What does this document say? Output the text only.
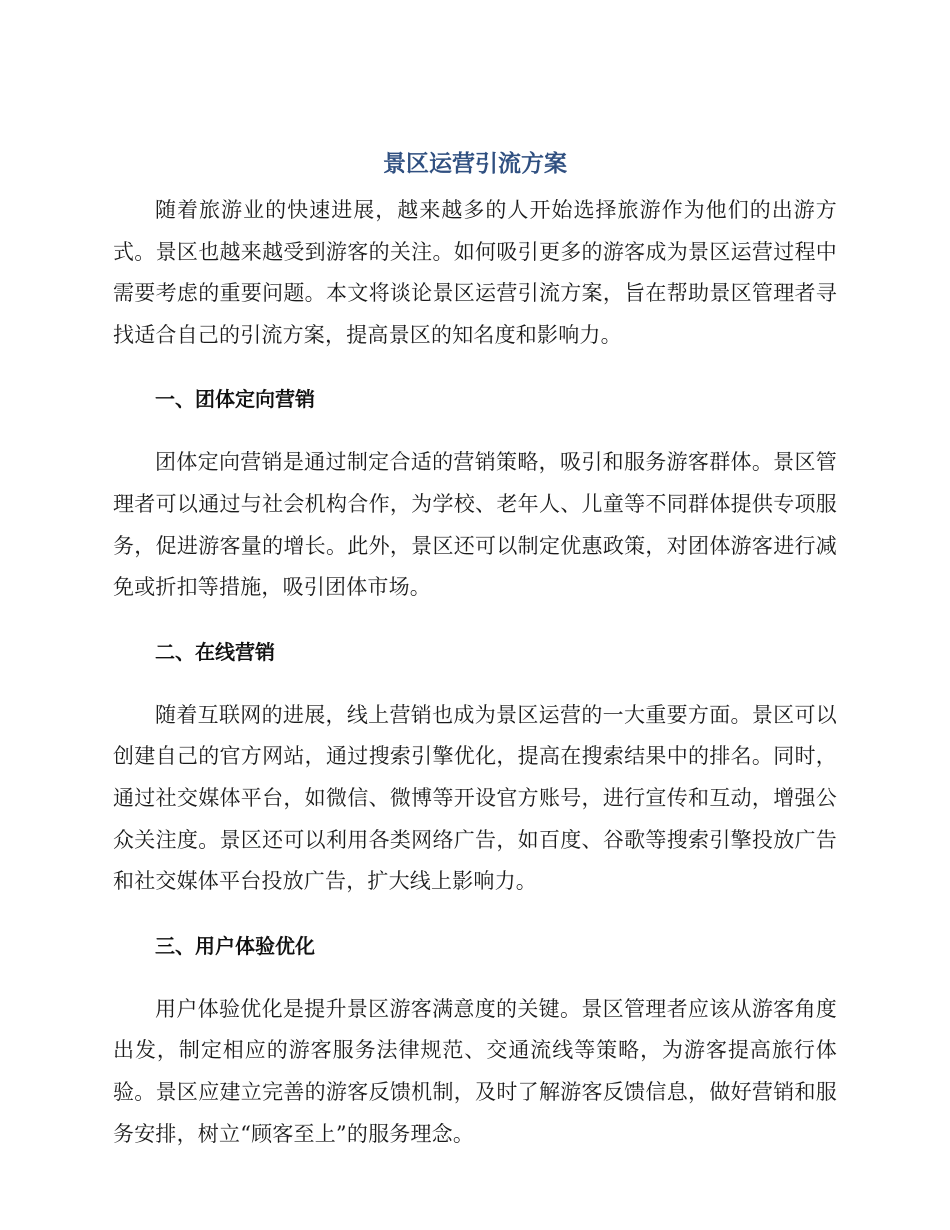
景区运营引流方案

随着旅游业的快速进展，越来越多的人开始选择旅游作为他们的出游方式。景区也越来越受到游客的关注。如何吸引更多的游客成为景区运营过程中需要考虑的重要问题。本文将谈论景区运营引流方案，旨在帮助景区管理者寻找适合自己的引流方案，提高景区的知名度和影响力。

一、团体定向营销

团体定向营销是通过制定合适的营销策略，吸引和服务游客群体。景区管理者可以通过与社会机构合作，为学校、老年人、儿童等不同群体提供专项服务，促进游客量的增长。此外，景区还可以制定优惠政策，对团体游客进行减免或折扣等措施，吸引团体市场。

二、在线营销

随着互联网的进展，线上营销也成为景区运营的一大重要方面。景区可以创建自己的官方网站，通过搜索引擎优化，提高在搜索结果中的排名。同时，通过社交媒体平台，如微信、微博等开设官方账号，进行宣传和互动，增强公众关注度。景区还可以利用各类网络广告，如百度、谷歌等搜索引擎投放广告和社交媒体平台投放广告，扩大线上影响力。

三、用户体验优化

用户体验优化是提升景区游客满意度的关键。景区管理者应该从游客角度出发，制定相应的游客服务法律规范、交通流线等策略，为游客提高旅行体验。景区应建立完善的游客反馈机制，及时了解游客反馈信息，做好营销和服务安排，树立“顾客至上”的服务理念。
